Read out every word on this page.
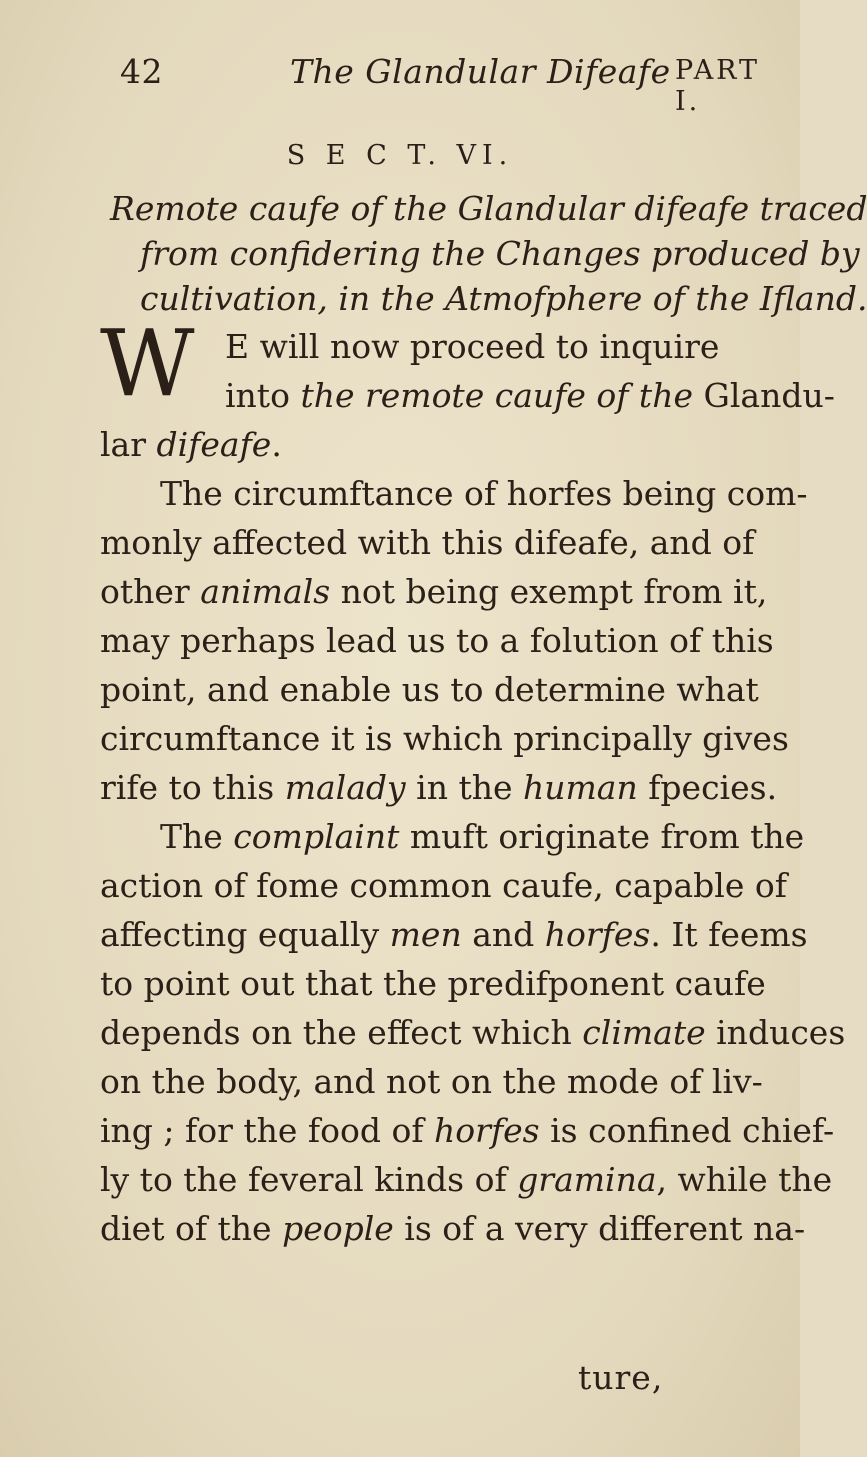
42	The Glandular Difeafe PART I.
S E C T. VI.
Remote caufe of the Glandular difeafe traced
from confidering the Changes produced by
cultivation, in the Atmofphere of the Ifland.
W E will now proceed to inquire
into the remote caufe of the Glandu-
lar difeafe.
The circumftance of horfes being com-
monly affected with this difeafe, and of
other animals not being exempt from it,
may perhaps lead us to a folution of this
point, and enable us to determine what
circumftance it is which principally gives
rife to this malady in the human fpecies.
The complaint muft originate from the
action of fome common caufe, capable of
affecting equally men and horfes. It feems
to point out that the predifponent caufe
depends on the effect which climate induces
on the body, and not on the mode of liv-
ing ; for the food of horfes is confined chief-
ly to the feveral kinds of gramina, while the
diet of the people is of a very different na-
ture,
